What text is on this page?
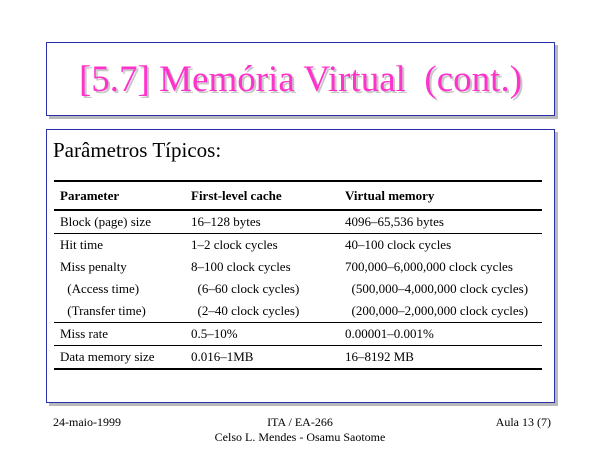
[5.7] Memória Virtual  (cont.)
Parâmetros Típicos:
Parameter	First-level cache	Virtual memory
Block (page) size	16–128 bytes	4096–65,536 bytes
Hit time	1–2 clock cycles	40–100 clock cycles
Miss penalty	8–100 clock cycles	700,000–6,000,000 clock cycles
(Access time)	(6–60 clock cycles)	(500,000–4,000,000 clock cycles)
(Transfer time)	(2–40 clock cycles)	(200,000–2,000,000 clock cycles)
Miss rate	0.5–10%	0.00001–0.001%
Data memory size	0.016–1MB	16–8192 MB
24-maio-1999	ITA / EA-266
Celso L. Mendes - Osamu Saotome
Aula 13 (7)
